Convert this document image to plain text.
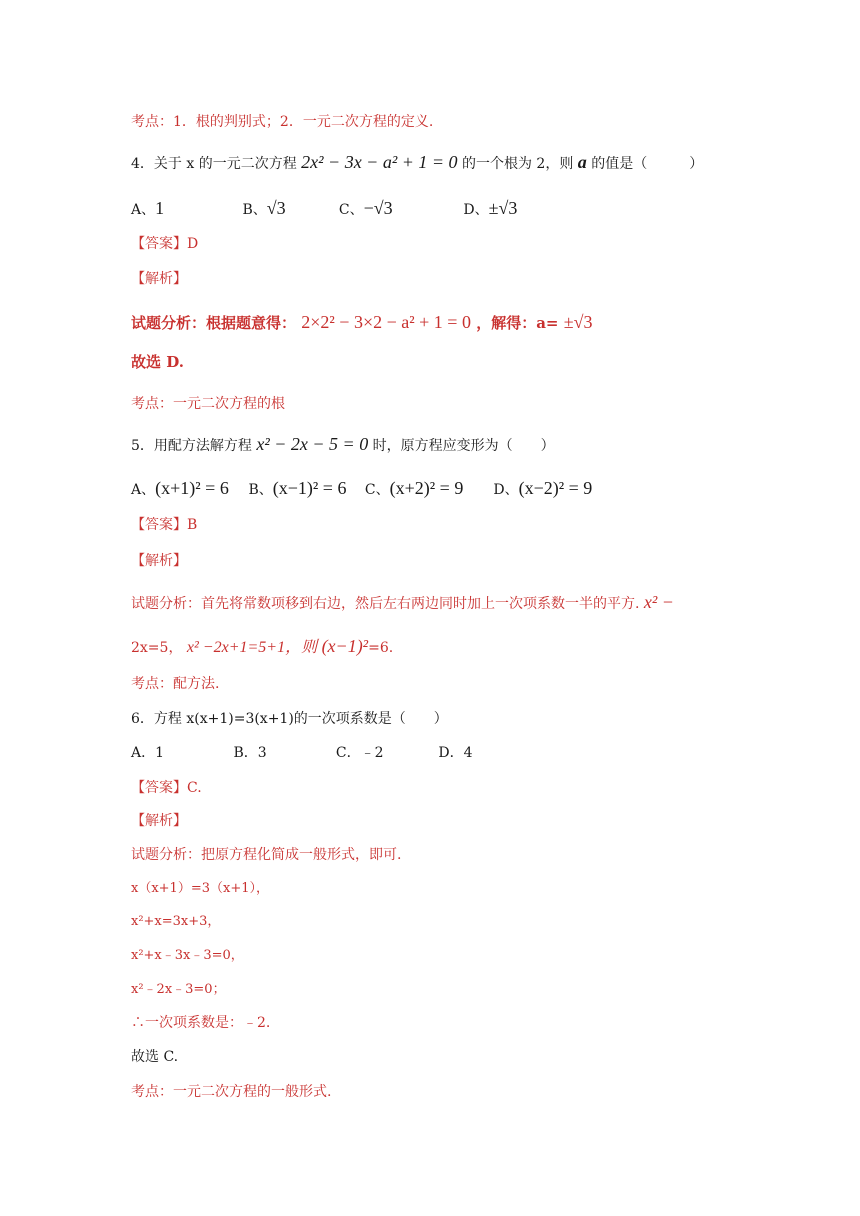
考点：1．根的判别式；2．一元二次方程的定义.
4．关于 x 的一元二次方程 2x² − 3x − a² + 1 = 0 的一个根为 2，则 a 的值是（　　　）
A、1	B、√3	C、−√3	D、±√3
【答案】D
【解析】
试题分析：根据题意得： 2×2² − 3×2 − a² + 1 = 0 ，解得：a= ±√3
故选 D.
考点：一元二次方程的根
5．用配方法解方程 x² − 2x − 5 = 0 时，原方程应变形为（　　）
A、(x+1)² = 6 B、(x−1)² = 6 C、(x+2)² = 9 D、(x−2)² = 9
【答案】B
【解析】
试题分析：首先将常数项移到右边，然后左右两边同时加上一次项系数一半的平方. x² −
2x=5， x² −2x+1=5+1，则 (x−1)²=6.
考点：配方法.
6．方程 x(x+1)=3(x+1)的一次项系数是（　　）
A．1	B．3	C．﹣2	D．4
【答案】C.
【解析】
试题分析：把原方程化简成一般形式，即可.
x（x+1）=3（x+1），
x²+x=3x+3，
x²+x﹣3x﹣3=0，
x²﹣2x﹣3=0；
∴一次项系数是：﹣2.
故选 C.
考点：一元二次方程的一般形式.
